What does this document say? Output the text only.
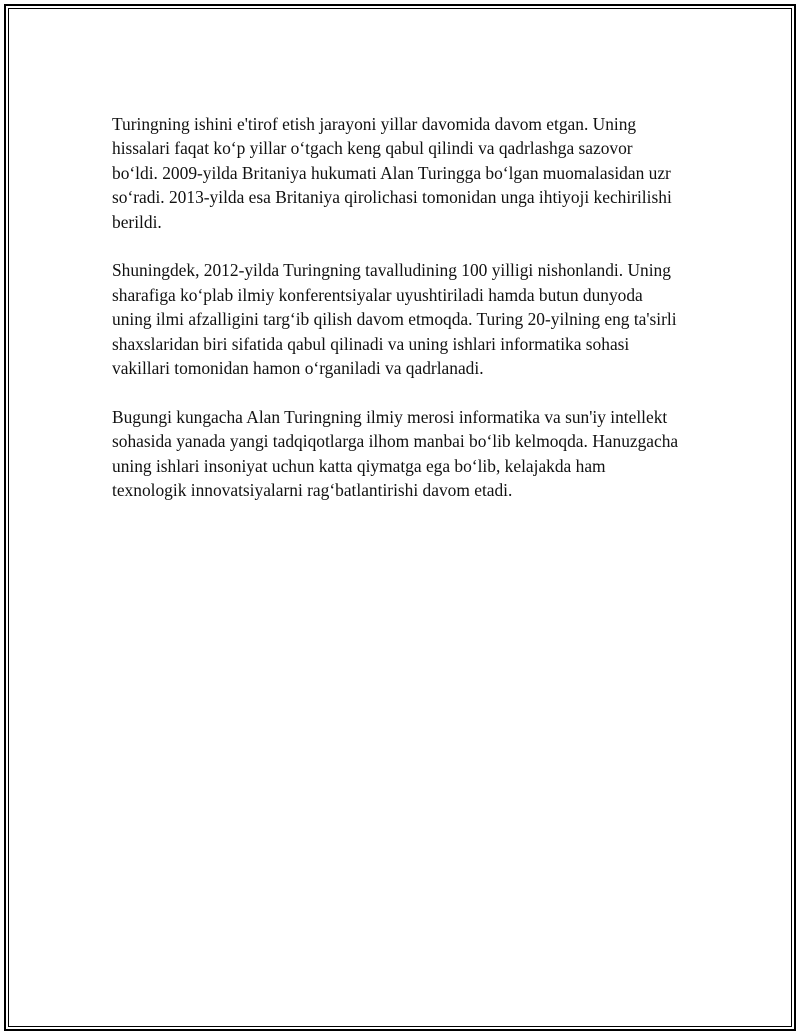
Turingning ishini e'tirof etish jarayoni yillar davomida davom etgan. Uning hissalari faqat koʻp yillar oʻtgach keng qabul qilindi va qadrlashga sazovor boʻldi. 2009-yilda Britaniya hukumati Alan Turingga boʻlgan muomalasidan uzr soʻradi. 2013-yilda esa Britaniya qirolichasi tomonidan unga ihtiyoji kechirilishi berildi.

Shuningdek, 2012-yilda Turingning tavalludining 100 yilligi nishonlandi. Uning sharafiga koʻplab ilmiy konferentsiyalar uyushtiriladi hamda butun dunyoda uning ilmi afzalligini targʻib qilish davom etmoqda. Turing 20-yilning eng ta'sirli shaxslaridan biri sifatida qabul qilinadi va uning ishlari informatika sohasi vakillari tomonidan hamon oʻrganiladi va qadrlanadi.

Bugungi kungacha Alan Turingning ilmiy merosi informatika va sun'iy intellekt sohasida yanada yangi tadqiqotlarga ilhom manbai boʻlib kelmoqda. Hanuzgacha uning ishlari insoniyat uchun katta qiymatga ega boʻlib, kelajakda ham texnologik innovatsiyalarni ragʻbatlantirishi davom etadi.
